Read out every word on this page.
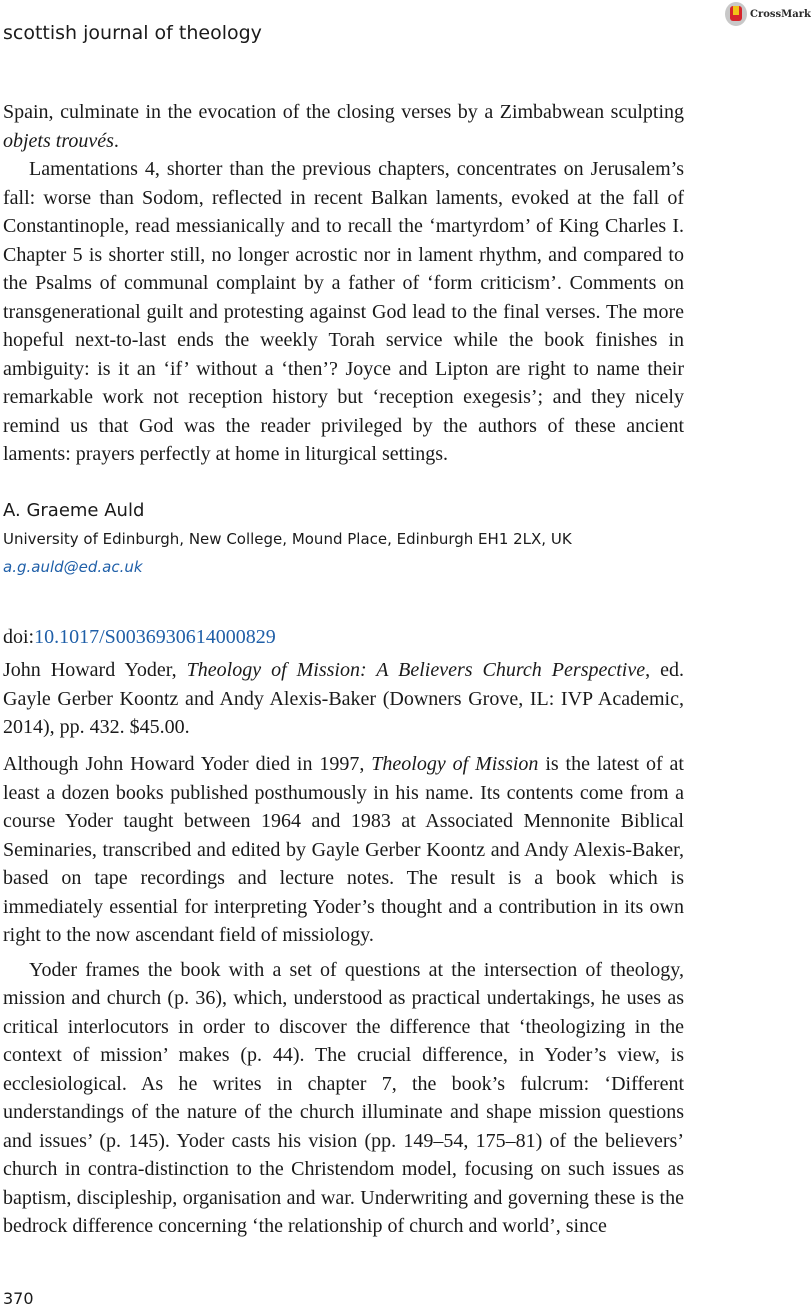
scottish journal of theology
CrossMark

Spain, culminate in the evocation of the closing verses by a Zimbabwean sculpting objets trouvés.

Lamentations 4, shorter than the previous chapters, concentrates on Jerusalem’s fall: worse than Sodom, reflected in recent Balkan laments, evoked at the fall of Constantinople, read messianically and to recall the ‘martyrdom’ of King Charles I. Chapter 5 is shorter still, no longer acrostic nor in lament rhythm, and compared to the Psalms of communal complaint by a father of ‘form criticism’. Comments on transgenerational guilt and protesting against God lead to the final verses. The more hopeful next-to-last ends the weekly Torah service while the book finishes in ambiguity: is it an ‘if’ without a ‘then’? Joyce and Lipton are right to name their remarkable work not reception history but ‘reception exegesis’; and they nicely remind us that God was the reader privileged by the authors of these ancient laments: prayers perfectly at home in liturgical settings.

A. Graeme Auld
University of Edinburgh, New College, Mound Place, Edinburgh EH1 2LX, UK
a.g.auld@ed.ac.uk
doi:10.1017/S0036930614000829
John Howard Yoder, Theology of Mission: A Believers Church Perspective, ed. Gayle Gerber Koontz and Andy Alexis-Baker (Downers Grove, IL: IVP Academic, 2014), pp. 432. $45.00.

Although John Howard Yoder died in 1997, Theology of Mission is the latest of at least a dozen books published posthumously in his name. Its contents come from a course Yoder taught between 1964 and 1983 at Associated Mennonite Biblical Seminaries, transcribed and edited by Gayle Gerber Koontz and Andy Alexis-Baker, based on tape recordings and lecture notes. The result is a book which is immediately essential for interpreting Yoder’s thought and a contribution in its own right to the now ascendant field of missiology.

Yoder frames the book with a set of questions at the intersection of theology, mission and church (p. 36), which, understood as practical undertakings, he uses as critical interlocutors in order to discover the difference that ‘theologizing in the context of mission’ makes (p. 44). The crucial difference, in Yoder’s view, is ecclesiological. As he writes in chapter 7, the book’s fulcrum: ‘Different understandings of the nature of the church illuminate and shape mission questions and issues’ (p. 145). Yoder casts his vision (pp. 149–54, 175–81) of the believers’ church in contra-distinction to the Christendom model, focusing on such issues as baptism, discipleship, organisation and war. Underwriting and governing these is the bedrock difference concerning ‘the relationship of church and world’, since

370
